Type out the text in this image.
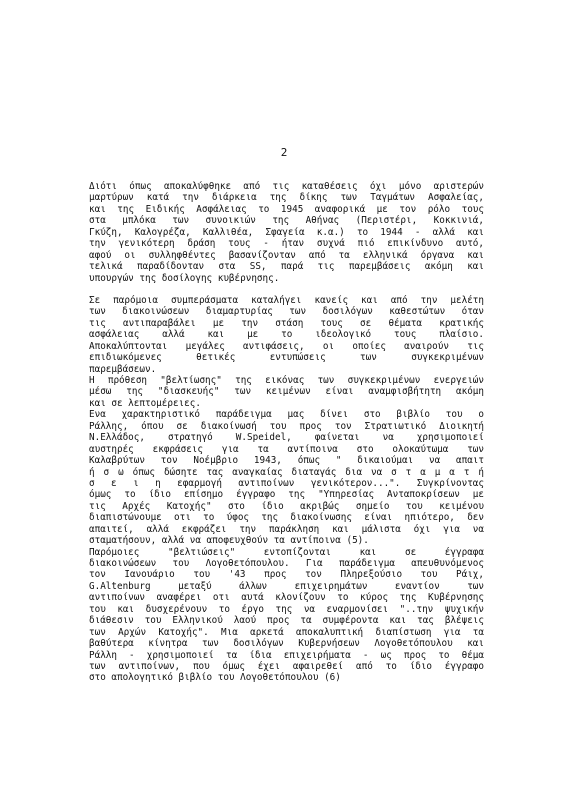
2
Διότι όπως αποκαλύφθηκε από τις καταθέσεις όχι μόνο αριστερών
μαρτύρων κατά την διάρκεια της δίκης των Ταγμάτων Ασφαλείας,
και της Ειδικής Ασφάλειας το 1945 αναφορικά με τον ρόλο τους
στα μπλόκα των συνοικιών της Αθήνας (Περιστέρι, Κοκκινιά,
Γκύζη, Καλογρέζα, Καλλιθέα, Σφαγεία κ.α.) το 1944 - αλλά και
την γενικότερη δράση τους - ήταν συχνά πιό επικίνδυνο αυτό,
αφού οι συλληφθέντες βασανίζονταν από τα ελληνικά όργανα και
τελικά παραδίδονταν στα SS, παρά τις παρεμβάσεις ακόμη και
υπουργών της δοσίλογης κυβέρνησης.
Σε παρόμοια συμπεράσματα καταλήγει κανείς και από την μελέτη
των διακοινώσεων διαμαρτυρίας των δοσιλόγων καθεστώτων όταν
τις αντιπαραβάλει με την στάση τους σε θέματα κρατικής
ασφάλειας αλλά και με το ιδεολογικό τους πλαίσιο.
Αποκαλύπτονται μεγάλες αντιφάσεις, οι οποίες αναιρούν τις
επιδιωκόμενες θετικές εντυπώσεις των συγκεκριμένων
παρεμβάσεων.
Η πρόθεση "βελτίωσης" της εικόνας των συγκεκριμένων ενεργειών
μέσω της "διασκευής" των κειμένων είναι αναμφισβήτητη ακόμη
και σε λεπτομέρειες.
Ενα χαρακτηριστικό παράδειγμα μας δίνει στο βιβλίο του ο
Ράλλης, όπου σε διακοίνωσή του προς τον Στρατιωτικό Διοικητή
Ν.Ελλάδος, στρατηγό W.Speidel, φαίνεται να χρησιμοποιεί
αυστηρές εκφράσεις για τα αντίποινα στο ολοκαύτωμα των
Καλαβρύτων τον Νοέμβριο 1943, όπως " δικαιούμαι να απαιτ
ή σ ω όπως δώσητε τας αναγκαίας διαταγάς δια να σ τ α μ α τ ή
σ ε ι η εφαρμογή αντιποίνων γενικότερον...". Συγκρίνοντας
όμως το ίδιο επίσημο έγγραφο της "Υπηρεσίας Ανταποκρίσεων με
τις Αρχές Κατοχής" στο ίδιο ακριβώς σημείο του κειμένου
διαπιστώνουμε οτι το ύφος της διακοίνωσης είναι ηπιότερο, δεν
απαιτεί, αλλά εκφράζει την παράκληση και μάλιστα όχι για να
σταματήσουν, αλλά να αποφευχθούν τα αντίποινα (5).
Παρόμοιες "βελτιώσεις" εντοπίζονται και σε έγγραφα
διακοινώσεων του Λογοθετόπουλου. Για παράδειγμα απευθυνόμενος
τον Ιανουάριο του '43 προς τον Πληρεξούσιο του Ράιχ,
G.Altenburg μεταξύ άλλων επιχειρημάτων εναντίον των
αντιποίνων αναφέρει οτι αυτά κλονίζουν το κύρος της Κυβέρνησης
του και δυσχερένουν το έργο της να εναρμονίσει "..την ψυχικήν
διάθεσιν του Ελληνικού λαού προς τα συμφέροντα και τας βλέψεις
των Αρχών Κατοχής". Μια αρκετά αποκαλυπτική διαπίστωση για τα
βαθύτερα κίνητρα των δοσιλόγων Κυβερνήσεων Λογοθετόπουλου και
Ράλλη - χρησιμοποιεί τα ίδια επιχειρήματα - ως προς το θέμα
των αντιποίνων, που όμως έχει αφαιρεθεί από το ίδιο έγγραφο
στο απολογητικό βιβλίο του Λογοθετόπουλου (6)
